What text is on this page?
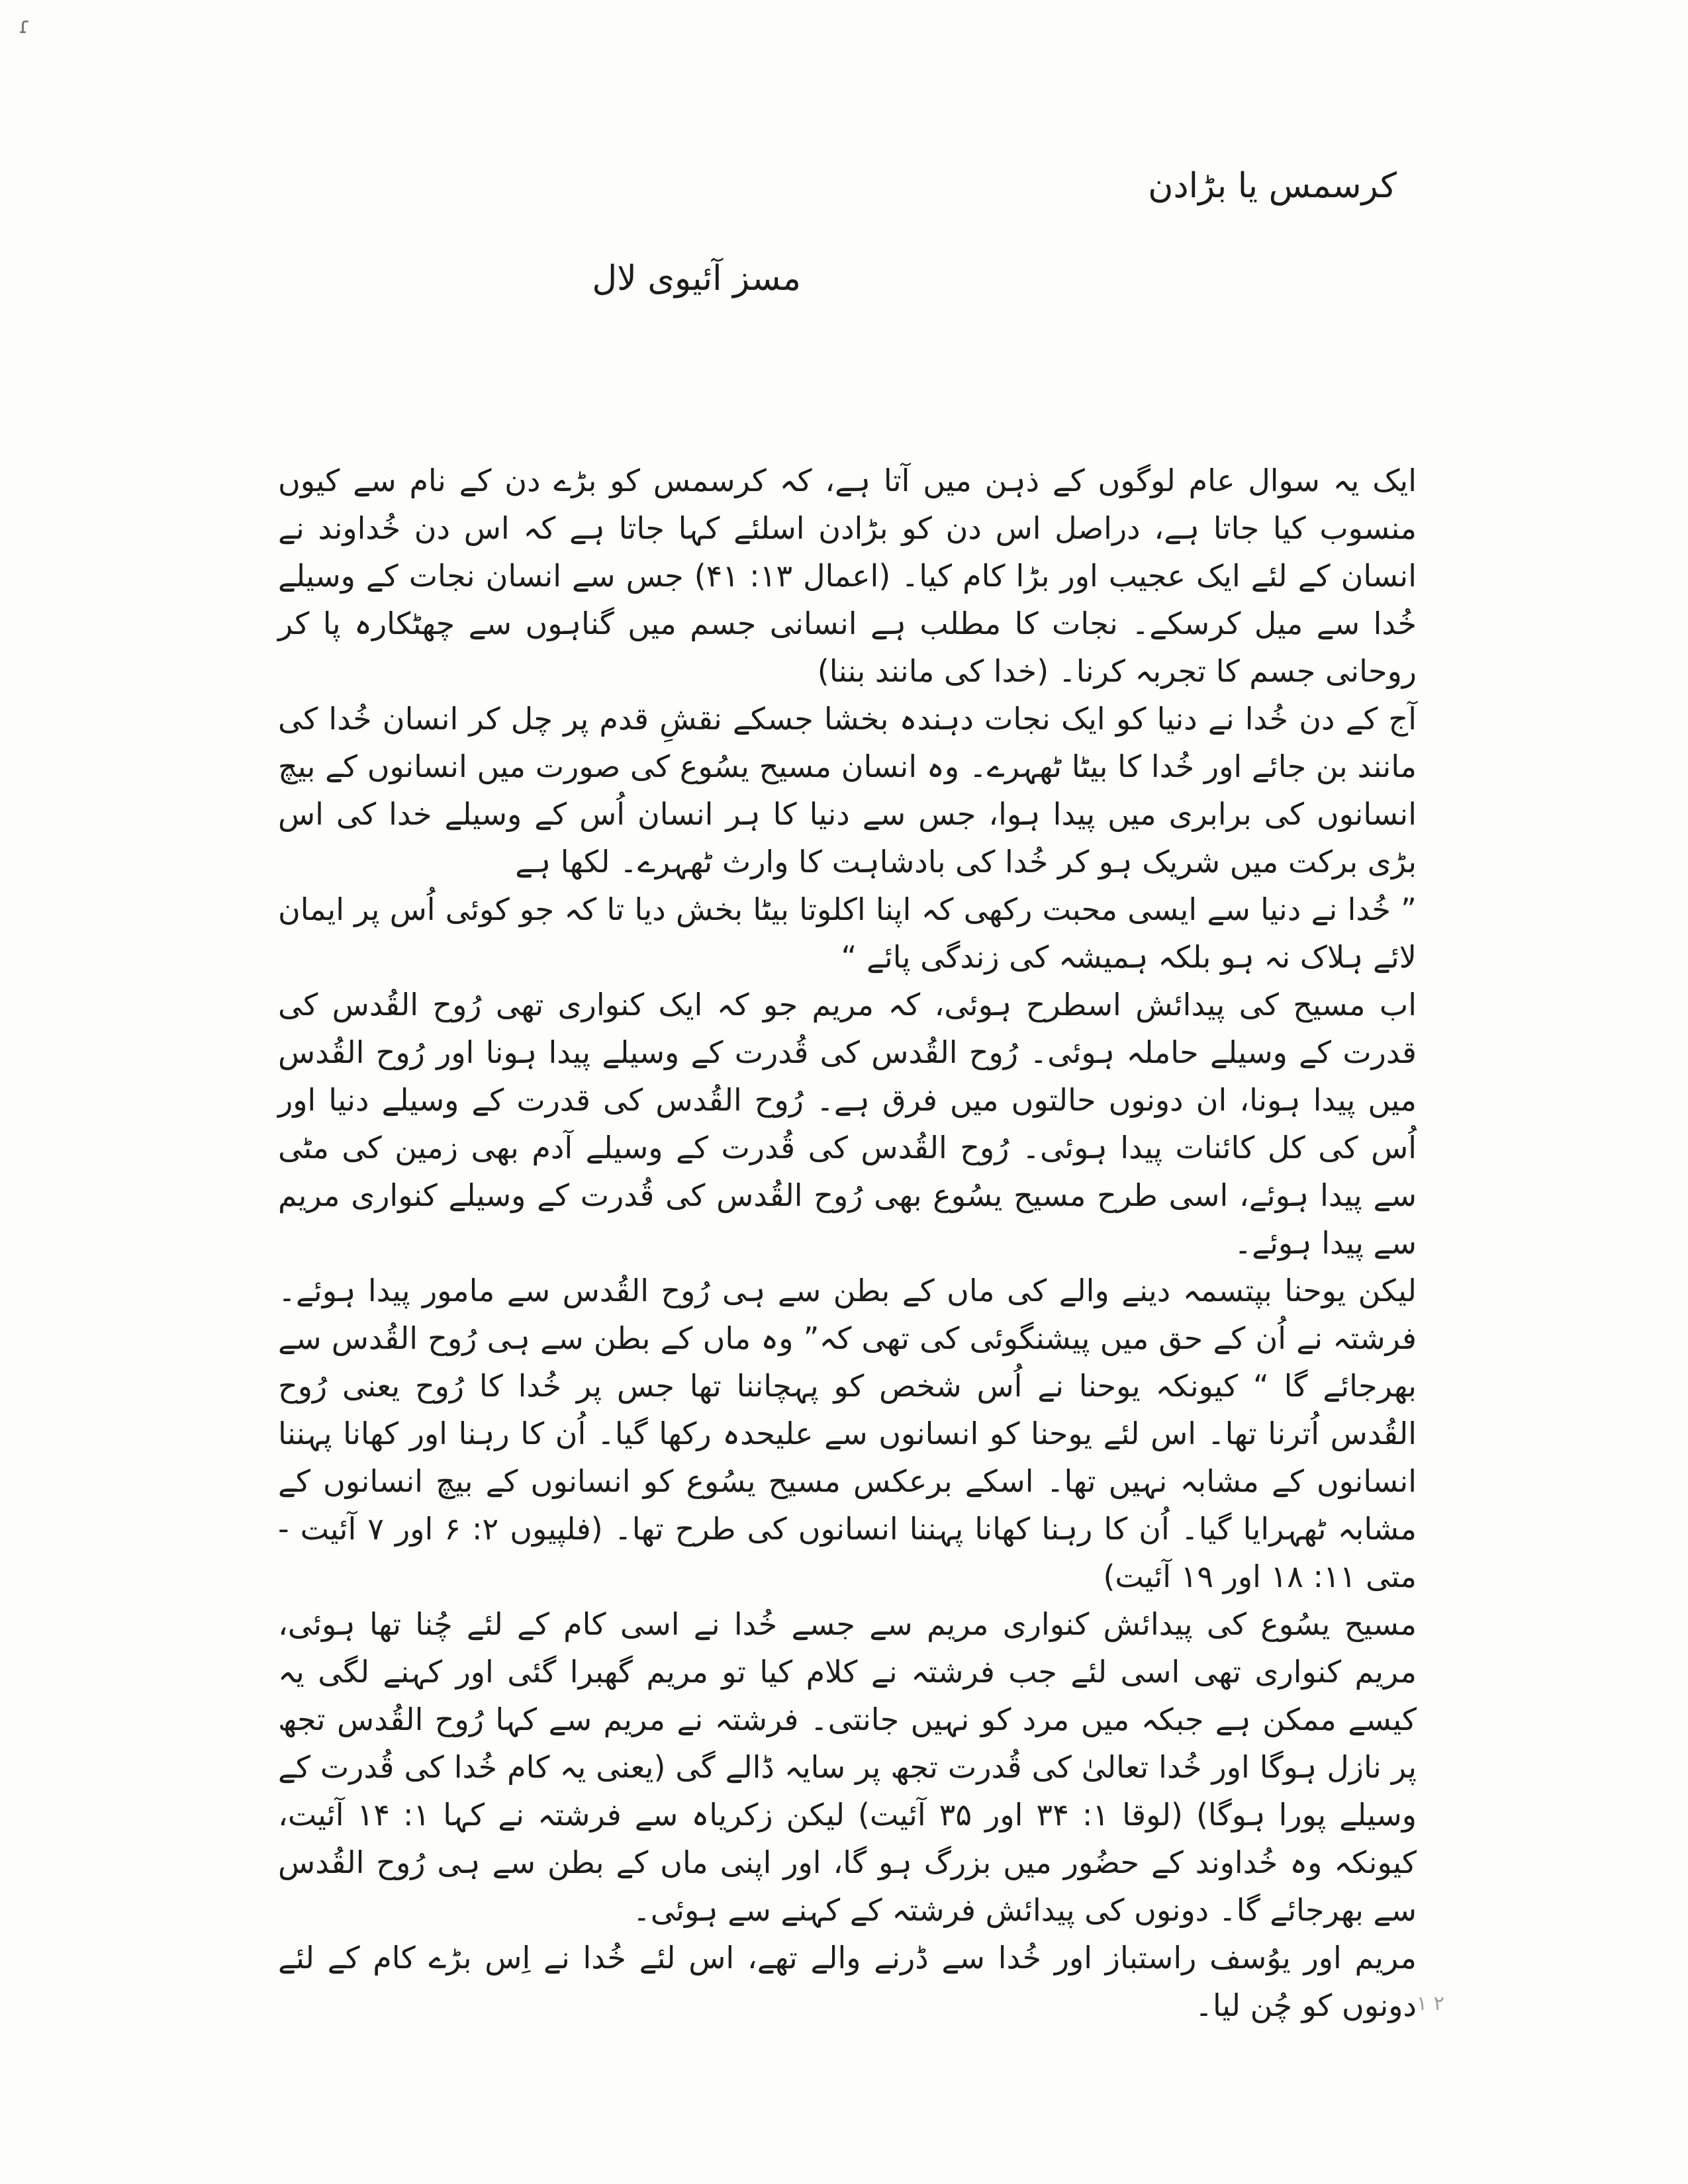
ɾ
کرسمس یا بڑادن
مسز آئیوی لال

ایک یہ سوال عام لوگوں کے ذہن میں آتا ہے، کہ کرسمس کو بڑے دن کے نام سے کیوں منسوب کیا جاتا ہے، دراصل اس دن کو بڑادن اسلئے کہا جاتا ہے کہ اس دن خُداوند نے انسان کے لئے ایک عجیب اور بڑا کام کیا۔ (اعمال ۱۳: ۴۱) جس سے انسان نجات کے وسیلے خُدا سے میل کرسکے۔ نجات کا مطلب ہے انسانی جسم میں گناہوں سے چھٹکارہ پا کر روحانی جسم کا تجربہ کرنا۔ (خدا کی مانند بننا)

آج کے دن خُدا نے دنیا کو ایک نجات دہندہ بخشا جسکے نقشِ قدم پر چل کر انسان خُدا کی مانند بن جائے اور خُدا کا بیٹا ٹھہرے۔ وہ انسان مسیح یسُوع کی صورت میں انسانوں کے بیچ انسانوں کی برابری میں پیدا ہوا، جس سے دنیا کا ہر انسان اُس کے وسیلے خدا کی اس بڑی برکت میں شریک ہو کر خُدا کی بادشاہت کا وارث ٹھہرے۔ لکھا ہے

” خُدا نے دنیا سے ایسی محبت رکھی کہ اپنا اکلوتا بیٹا بخش دیا تا کہ جو کوئی اُس پر ایمان لائے ہلاک نہ ہو بلکہ ہمیشہ کی زندگی پائے “

اب مسیح کی پیدائش اسطرح ہوئی، کہ مریم جو کہ ایک کنواری تھی رُوح القُدس کی قدرت کے وسیلے حاملہ ہوئی۔ رُوح القُدس کی قُدرت کے وسیلے پیدا ہونا اور رُوح القُدس میں پیدا ہونا، ان دونوں حالتوں میں فرق ہے۔ رُوح القُدس کی قدرت کے وسیلے دنیا اور اُس کی کل کائنات پیدا ہوئی۔ رُوح القُدس کی قُدرت کے وسیلے آدم بھی زمین کی مٹی سے پیدا ہوئے، اسی طرح مسیح یسُوع بھی رُوح القُدس کی قُدرت کے وسیلے کنواری مریم سے پیدا ہوئے۔

لیکن یوحنا بپتسمہ دینے والے کی ماں کے بطن سے ہی رُوح القُدس سے مامور پیدا ہوئے۔ فرشتہ نے اُن کے حق میں پیشنگوئی کی تھی کہ” وہ ماں کے بطن سے ہی رُوح القُدس سے بھرجائے گا “ کیونکہ یوحنا نے اُس شخص کو پہچاننا تھا جس پر خُدا کا رُوح یعنی رُوح القُدس اُترنا تھا۔ اس لئے یوحنا کو انسانوں سے علیحدہ رکھا گیا۔ اُن کا رہنا اور کھانا پہننا انسانوں کے مشابہ نہیں تھا۔ اسکے برعکس مسیح یسُوع کو انسانوں کے بیچ انسانوں کے مشابہ ٹھہرایا گیا۔ اُن کا رہنا کھانا پہننا انسانوں کی طرح تھا۔ (فلپیوں ۲: ۶ اور ۷ آئیت - متی ۱۱: ۱۸ اور ۱۹ آئیت)

مسیح یسُوع کی پیدائش کنواری مریم سے جسے خُدا نے اسی کام کے لئے چُنا تھا ہوئی، مریم کنواری تھی اسی لئے جب فرشتہ نے کلام کیا تو مریم گھبرا گئی اور کہنے لگی یہ کیسے ممکن ہے جبکہ میں مرد کو نہیں جانتی۔ فرشتہ نے مریم سے کہا رُوح القُدس تجھ پر نازل ہوگا اور خُدا تعالیٰ کی قُدرت تجھ پر سایہ ڈالے گی (یعنی یہ کام خُدا کی قُدرت کے وسیلے پورا ہوگا) (لوقا ۱: ۳۴ اور ۳۵ آئیت) لیکن زکریاہ سے فرشتہ نے کہا ۱: ۱۴ آئیت، کیونکہ وہ خُداوند کے حضُور میں بزرگ ہو گا، اور اپنی ماں کے بطن سے ہی رُوح القُدس سے بھرجائے گا۔ دونوں کی پیدائش فرشتہ کے کہنے سے ہوئی۔

مریم اور یوُسف راستباز اور خُدا سے ڈرنے والے تھے، اس لئے خُدا نے اِس بڑے کام کے لئے دونوں کو چُن لیا۔ ۱ ۲
